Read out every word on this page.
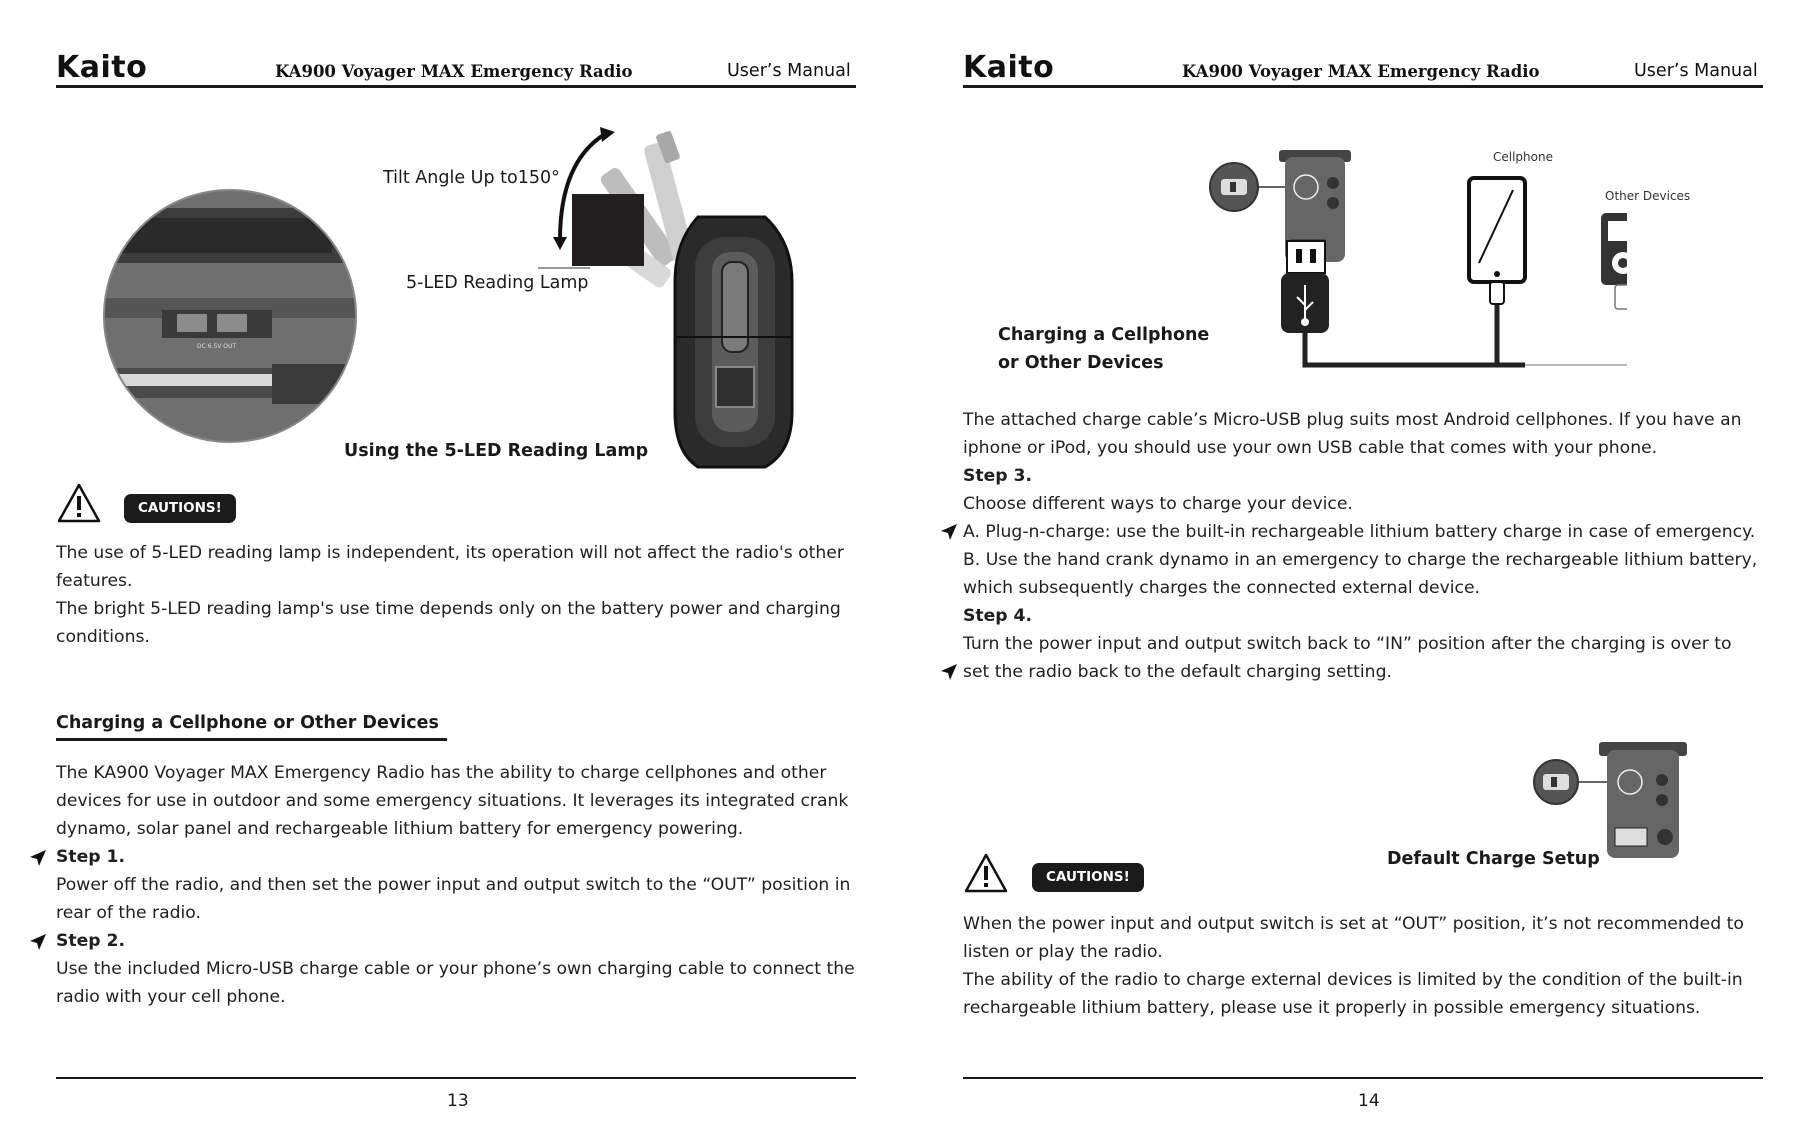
Kaito	KA900 Voyager MAX Emergency Radio	User’s Manual
DC 6.5V OUT
Tilt Angle Up to150°
5-LED Reading Lamp
Using the 5-LED Reading Lamp
CAUTIONS!

The use of 5-LED reading lamp is independent, its operation will not affect the radio's other features.

The bright 5-LED reading lamp's use time depends only on the battery power and charging conditions.

Charging a Cellphone or Other Devices

The KA900 Voyager MAX Emergency Radio has the ability to charge cellphones and other devices for use in outdoor and some emergency situations. It leverages its integrated crank dynamo, solar panel and rechargeable lithium battery for emergency powering.

Step 1.

Power off the radio, and then set the power input and output switch to the “OUT” position in rear of the radio.

Step 2.

Use the included Micro-USB charge cable or your phone’s own charging cable to connect the radio with your cell phone.

13
Kaito	KA900 Voyager MAX Emergency Radio	User’s Manual
Cellphone
Other Devices
Charging a Cellphone
or Other Devices

The attached charge cable’s Micro-USB plug suits most Android cellphones. If you have an iphone or iPod, you should use your own USB cable that comes with your phone.

Step 3.

Choose different ways to charge your device.

A. Plug-n-charge: use the built-in rechargeable lithium battery charge in case of emergency.

B. Use the hand crank dynamo in an emergency to charge the rechargeable lithium battery, which subsequently charges the connected external device.

Step 4.

Turn the power input and output switch back to “IN” position after the charging is over to set the radio back to the default charging setting.

Default Charge Setup
CAUTIONS!

When the power input and output switch is set at “OUT” position, it’s not recommended to listen or play the radio.

The ability of the radio to charge external devices is limited by the condition of the built-in rechargeable lithium battery, please use it properly in possible emergency situations.

14
